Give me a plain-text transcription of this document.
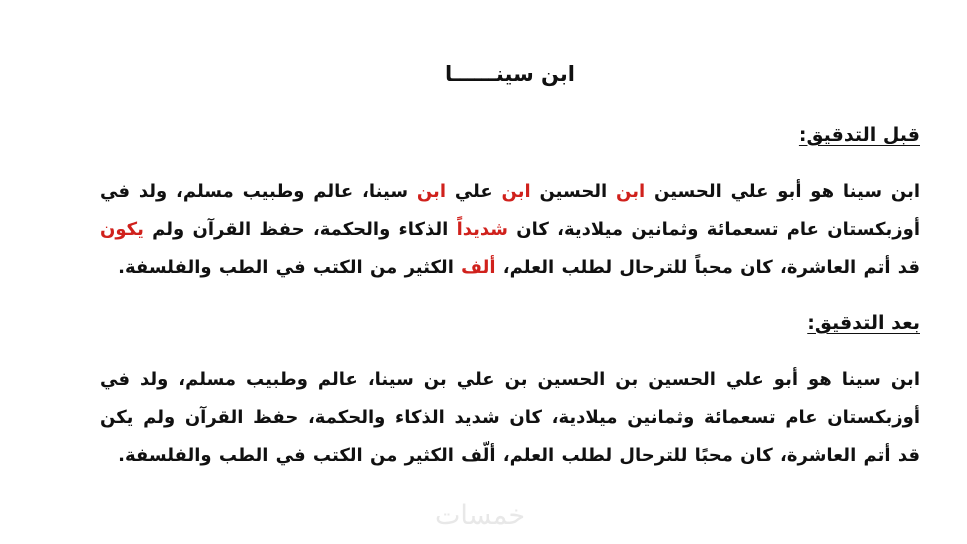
ابن سينــــــا
قبل التدقيق:
ابن سينا هو أبو علي الحسين ابن الحسين ابن علي ابن سينا، عالم وطبيب مسلم، ولد في أوزبكستان عام تسعمائة وثمانين ميلادية، كان شديداً الذكاء والحكمة، حفظ القرآن ولم يكون قد أتم العاشرة، كان محباً للترحال لطلب العلم، ألف الكثير من الكتب في الطب والفلسفة.
بعد التدقيق:
ابن سينا هو أبو علي الحسين بن الحسين بن علي بن سينا، عالم وطبيب مسلم، ولد في أوزبكستان عام تسعمائة وثمانين ميلادية، كان شديد الذكاء والحكمة، حفظ القرآن ولم يكن قد أتم العاشرة، كان محبًا للترحال لطلب العلم، ألّف الكثير من الكتب في الطب والفلسفة.
خمسات
